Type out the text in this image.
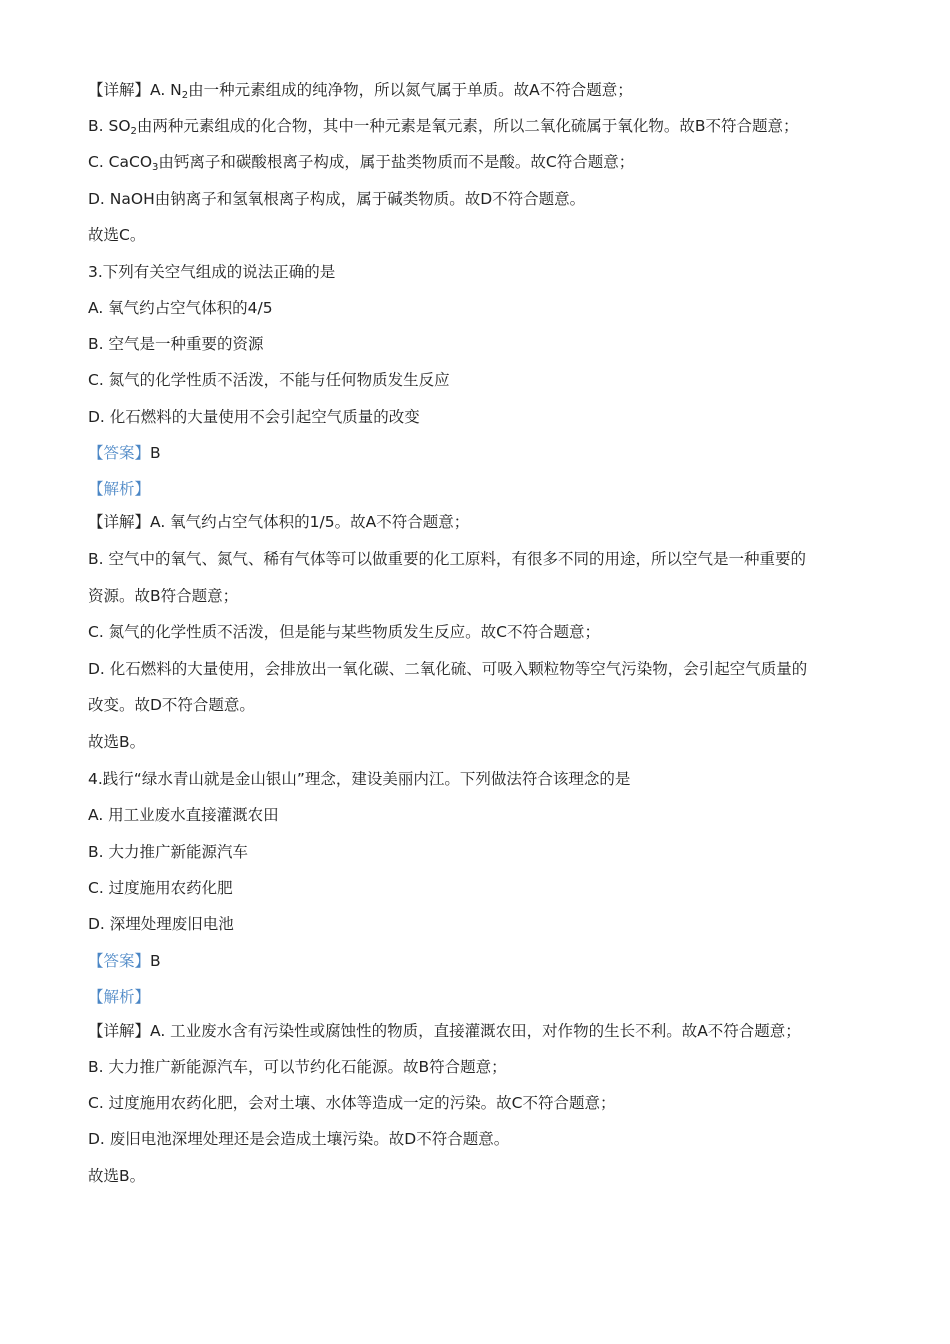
【详解】A. $N_2$由一种元素组成的纯净物，所以氮气属于单质。故A不符合题意；
B. $SO_2$由两种元素组成的化合物，其中一种元素是氧元素，所以二氧化硫属于氧化物。故B不符合题意；
C. CaCO$_3$由钙离子和碳酸根离子构成，属于盐类物质而不是酸。故C符合题意；
D. NaOH由钠离子和氢氧根离子构成，属于碱类物质。故D不符合题意。
故选C。
3.下列有关空气组成的说法正确的是
A. 氧气约占空气体积的4/5
B. 空气是一种重要的资源
C. 氮气的化学性质不活泼，不能与任何物质发生反应
D. 化石燃料的大量使用不会引起空气质量的改变
【答案】B
【解析】
【详解】A. 氧气约占空气体积的1/5。故A不符合题意；
B. 空气中的氧气、氮气、稀有气体等可以做重要的化工原料，有很多不同的用途，所以空气是一种重要的
资源。故B符合题意；
C. 氮气的化学性质不活泼，但是能与某些物质发生反应。故C不符合题意；
D. 化石燃料的大量使用，会排放出一氧化碳、二氧化硫、可吸入颗粒物等空气污染物，会引起空气质量的
改变。故D不符合题意。
故选B。
4.践行“绿水青山就是金山银山”理念，建设美丽内江。下列做法符合该理念的是
A. 用工业废水直接灌溉农田
B. 大力推广新能源汽车
C. 过度施用农药化肥
D. 深埋处理废旧电池
【答案】B
【解析】
【详解】A. 工业废水含有污染性或腐蚀性的物质，直接灌溉农田，对作物的生长不利。故A不符合题意；
B. 大力推广新能源汽车，可以节约化石能源。故B符合题意；
C. 过度施用农药化肥，会对土壤、水体等造成一定的污染。故C不符合题意；
D. 废旧电池深埋处理还是会造成土壤污染。故D不符合题意。
故选B。
